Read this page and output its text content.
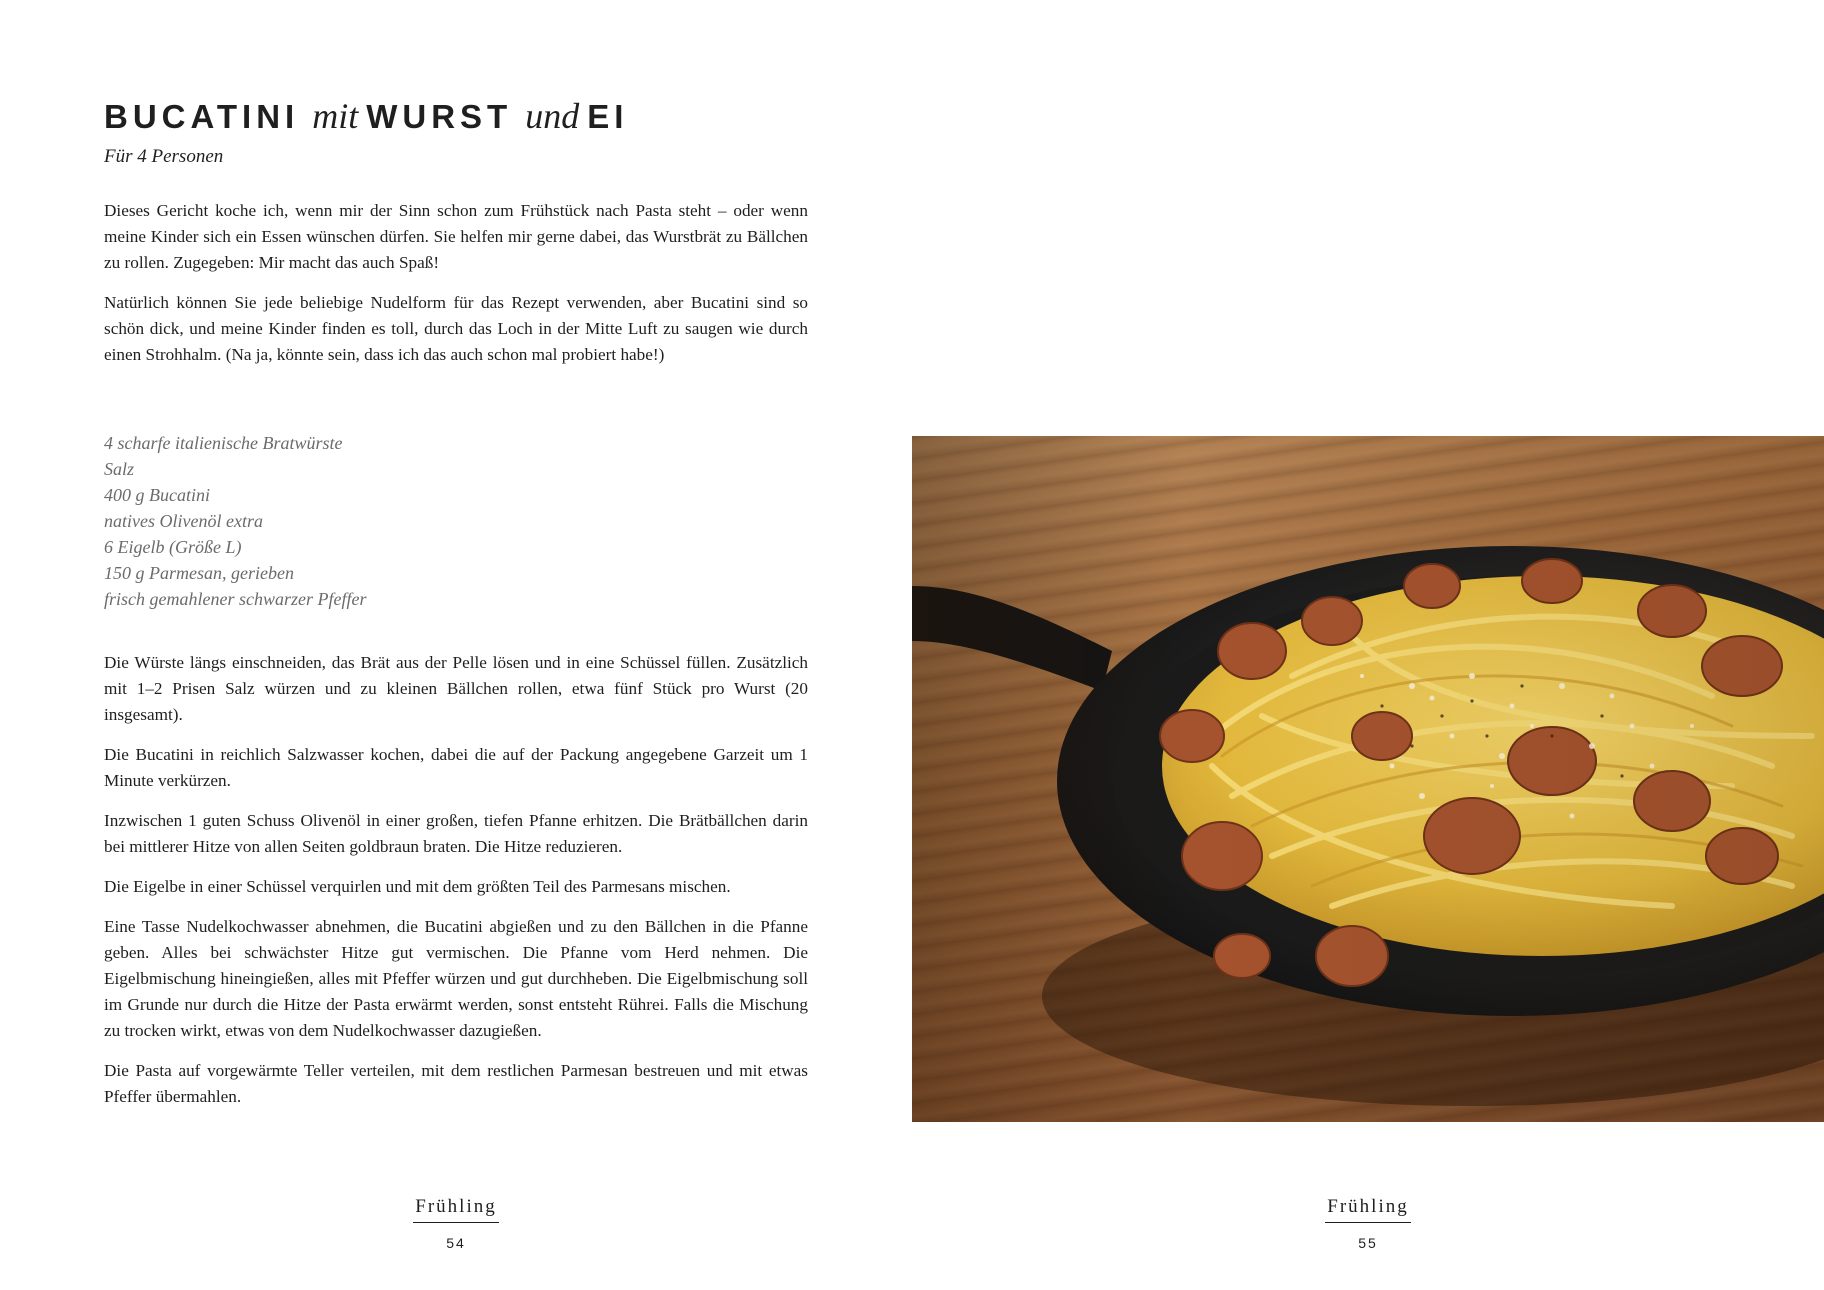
BUCATINI mit WURST und EI
Für 4 Personen

Dieses Gericht koche ich, wenn mir der Sinn schon zum Frühstück nach Pasta steht – oder wenn meine Kinder sich ein Essen wünschen dürfen. Sie helfen mir gerne dabei, das Wurstbrät zu Bällchen zu rollen. Zugegeben: Mir macht das auch Spaß!

Natürlich können Sie jede beliebige Nudelform für das Rezept verwenden, aber Bucatini sind so schön dick, und meine Kinder finden es toll, durch das Loch in der Mitte Luft zu saugen wie durch einen Strohhalm. (Na ja, könnte sein, dass ich das auch schon mal probiert habe!)

4 scharfe italienische Bratwürste
Salz
400 g Bucatini
natives Olivenöl extra
6 Eigelb (Größe L)
150 g Parmesan, gerieben
frisch gemahlener schwarzer Pfeffer

Die Würste längs einschneiden, das Brät aus der Pelle lösen und in eine Schüssel füllen. Zusätzlich mit 1–2 Prisen Salz würzen und zu kleinen Bällchen rollen, etwa fünf Stück pro Wurst (20 insgesamt).

Die Bucatini in reichlich Salzwasser kochen, dabei die auf der Packung angegebene Garzeit um 1 Minute verkürzen.

Inzwischen 1 guten Schuss Olivenöl in einer großen, tiefen Pfanne erhitzen. Die Brätbällchen darin bei mittlerer Hitze von allen Seiten goldbraun braten. Die Hitze reduzieren.

Die Eigelbe in einer Schüssel verquirlen und mit dem größten Teil des Parmesans mischen.

Eine Tasse Nudelkochwasser abnehmen, die Bucatini abgießen und zu den Bällchen in die Pfanne geben. Alles bei schwächster Hitze gut vermischen. Die Pfanne vom Herd nehmen. Die Eigelbmischung hineingießen, alles mit Pfeffer würzen und gut durchheben. Die Eigelbmischung soll im Grunde nur durch die Hitze der Pasta erwärmt werden, sonst entsteht Rührei. Falls die Mischung zu trocken wirkt, etwas von dem Nudelkochwasser dazugießen.

Die Pasta auf vorgewärmte Teller verteilen, mit dem restlichen Parmesan bestreuen und mit etwas Pfeffer übermahlen.

Frühling
54
Frühling
55
